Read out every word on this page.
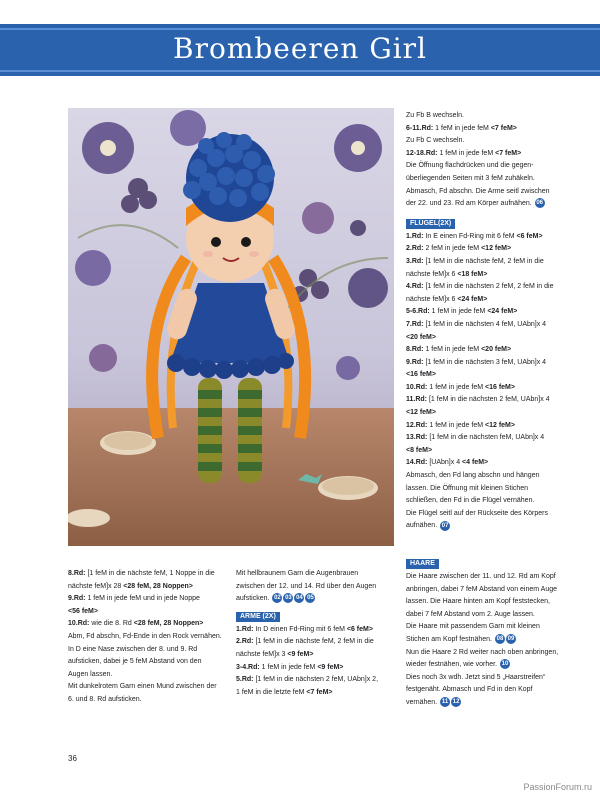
Brombeeren Girl
Zu Fb B wechseln.
6-11.Rd: 1 feM in jede feM <7 feM>
Zu Fb C wechseln.
12-18.Rd: 1 feM in jede feM <7 feM>
Die Öffnung flachdrücken und die gegen-
überliegenden Seiten mit 3 feM zuhäkeln.
Abmasch, Fd abschn. Die Arme seitl zwischen
der 22. und 23. Rd am Körper aufnähen. 06
FLÜGEL(2X)
1.Rd: In E einen Fd-Ring mit 6 feM <6 feM>
2.Rd: 2 feM in jede feM <12 feM>
3.Rd: [1 feM in die nächste feM, 2 feM in die
nächste feM]x 6 <18 feM>
4.Rd: [1 feM in die nächsten 2 feM, 2 feM in die
nächste feM]x 6 <24 feM>
5-6.Rd: 1 feM in jede feM <24 feM>
7.Rd: [1 feM in die nächsten 4 feM, UAbn]x 4
<20 feM>
8.Rd: 1 feM in jede feM <20 feM>
9.Rd: [1 feM in die nächsten 3 feM, UAbn]x 4
<16 feM>
10.Rd: 1 feM in jede feM <16 feM>
11.Rd: [1 feM in die nächsten 2 feM, UAbn]x 4
<12 feM>
12.Rd: 1 feM in jede feM <12 feM>
13.Rd: [1 feM in die nächsten feM, UAbn]x 4
<8 feM>
14.Rd: [UAbn]x 4 <4 feM>
Abmasch, den Fd lang abschn und hängen
lassen. Die Öffnung mit kleinen Stichen
schließen, den Fd in die Flügel vernähen.
Die Flügel seitl auf der Rückseite des Körpers
aufnähen. 07
8.Rd: [1 feM in die nächste feM, 1 Noppe in die
nächste feM]x 28 <28 feM, 28 Noppen>
9.Rd: 1 feM in jede feM und in jede Noppe
<56 feM>
10.Rd: wie die 8. Rd <28 feM, 28 Noppen>
Abm, Fd abschn, Fd-Ende in den Rock vernähen.
In D eine Nase zwischen der 8. und 9. Rd
aufsticken, dabei je 5 feM Abstand von den
Augen lassen.
Mit dunkelrotem Garn einen Mund zwischen der
6. und 8. Rd aufsticken.
Mit hellbraunem Garn die Augenbrauen
zwischen der 12. und 14. Rd über den Augen
aufsticken. 02 03 04 05
ARME (2X)
1.Rd: In D einen Fd-Ring mit 6 feM <6 feM>
2.Rd: [1 feM in die nächste feM, 2 feM in die
nächste feM]x 3 <9 feM>
3-4.Rd: 1 feM in jede feM <9 feM>
5.Rd: [1 feM in die nächsten 2 feM, UAbn]x 2,
1 feM in die letzte feM <7 feM>
HAARE
Die Haare zwischen der 11. und 12. Rd am Kopf
anbringen, dabei 7 feM Abstand von einem Auge
lassen. Die Haare hinten am Kopf feststecken,
dabei 7 feM Abstand vom 2. Auge lassen.
Die Haare mit passendem Garn mit kleinen
Stichen am Kopf festnähen. 08 09
Nun die Haare 2 Rd weiter nach oben anbringen,
wieder festnähen, wie vorher. 10
Dies noch 3x wdh. Jetzt sind 5 „Haarstreifen“
festgenäht. Abmasch und Fd in den Kopf
vernähen. 11 12
36
PassionForum.ru
